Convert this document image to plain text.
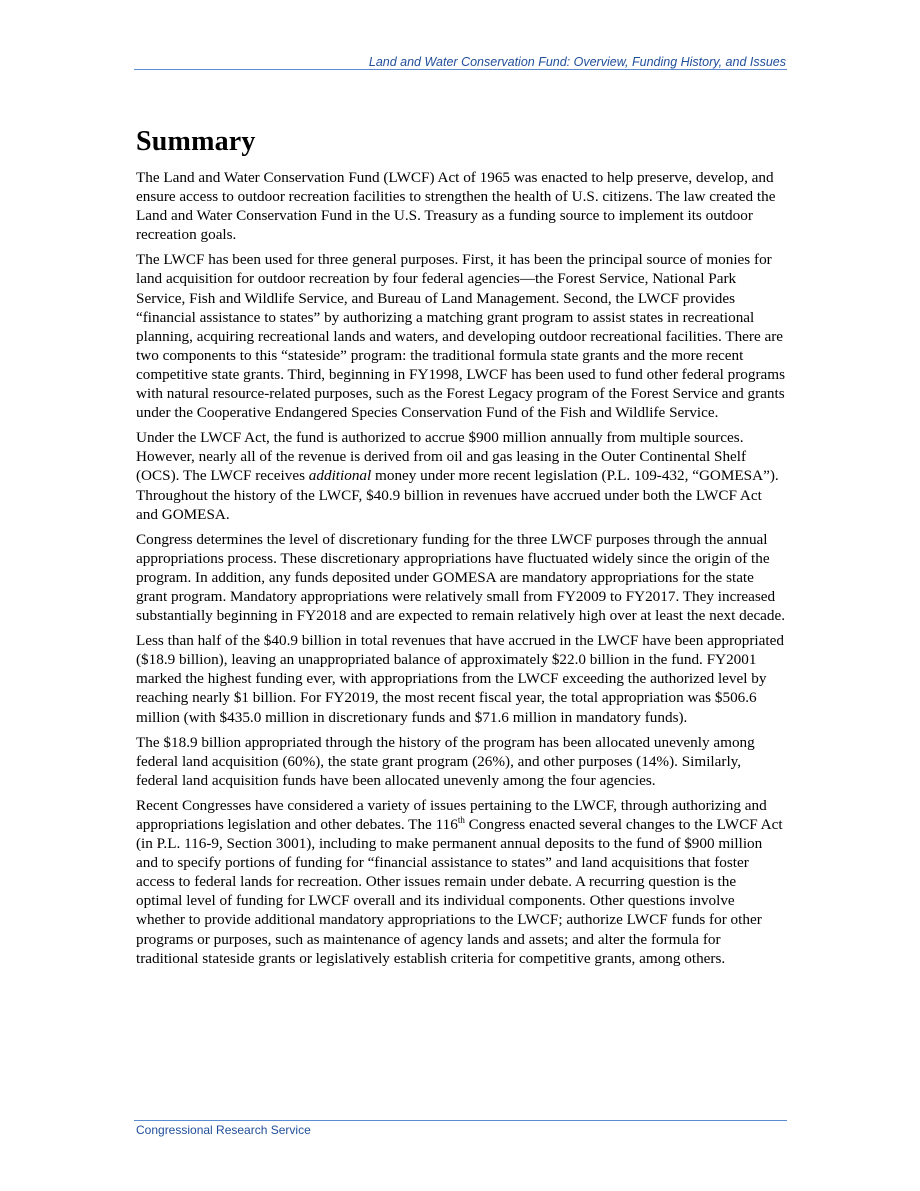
Land and Water Conservation Fund: Overview, Funding History, and Issues
Summary

The Land and Water Conservation Fund (LWCF) Act of 1965 was enacted to help preserve, develop, and ensure access to outdoor recreation facilities to strengthen the health of U.S. citizens. The law created the Land and Water Conservation Fund in the U.S. Treasury as a funding source to implement its outdoor recreation goals.

The LWCF has been used for three general purposes. First, it has been the principal source of monies for land acquisition for outdoor recreation by four federal agencies—the Forest Service, National Park Service, Fish and Wildlife Service, and Bureau of Land Management. Second, the LWCF provides “financial assistance to states” by authorizing a matching grant program to assist states in recreational planning, acquiring recreational lands and waters, and developing outdoor recreational facilities. There are two components to this “stateside” program: the traditional formula state grants and the more recent competitive state grants. Third, beginning in FY1998, LWCF has been used to fund other federal programs with natural resource-related purposes, such as the Forest Legacy program of the Forest Service and grants under the Cooperative Endangered Species Conservation Fund of the Fish and Wildlife Service.

Under the LWCF Act, the fund is authorized to accrue $900 million annually from multiple sources. However, nearly all of the revenue is derived from oil and gas leasing in the Outer Continental Shelf (OCS). The LWCF receives additional money under more recent legislation (P.L. 109-432, “GOMESA”). Throughout the history of the LWCF, $40.9 billion in revenues have accrued under both the LWCF Act and GOMESA.

Congress determines the level of discretionary funding for the three LWCF purposes through the annual appropriations process. These discretionary appropriations have fluctuated widely since the origin of the program. In addition, any funds deposited under GOMESA are mandatory appropriations for the state grant program. Mandatory appropriations were relatively small from FY2009 to FY2017. They increased substantially beginning in FY2018 and are expected to remain relatively high over at least the next decade.

Less than half of the $40.9 billion in total revenues that have accrued in the LWCF have been appropriated ($18.9 billion), leaving an unappropriated balance of approximately $22.0 billion in the fund. FY2001 marked the highest funding ever, with appropriations from the LWCF exceeding the authorized level by reaching nearly $1 billion. For FY2019, the most recent fiscal year, the total appropriation was $506.6 million (with $435.0 million in discretionary funds and $71.6 million in mandatory funds).

The $18.9 billion appropriated through the history of the program has been allocated unevenly among federal land acquisition (60%), the state grant program (26%), and other purposes (14%). Similarly, federal land acquisition funds have been allocated unevenly among the four agencies.

Recent Congresses have considered a variety of issues pertaining to the LWCF, through authorizing and appropriations legislation and other debates. The 116th Congress enacted several changes to the LWCF Act (in P.L. 116-9, Section 3001), including to make permanent annual deposits to the fund of $900 million and to specify portions of funding for “financial assistance to states” and land acquisitions that foster access to federal lands for recreation. Other issues remain under debate. A recurring question is the optimal level of funding for LWCF overall and its individual components. Other questions involve whether to provide additional mandatory appropriations to the LWCF; authorize LWCF funds for other programs or purposes, such as maintenance of agency lands and assets; and alter the formula for traditional stateside grants or legislatively establish criteria for competitive grants, among others.

Congressional Research Service
